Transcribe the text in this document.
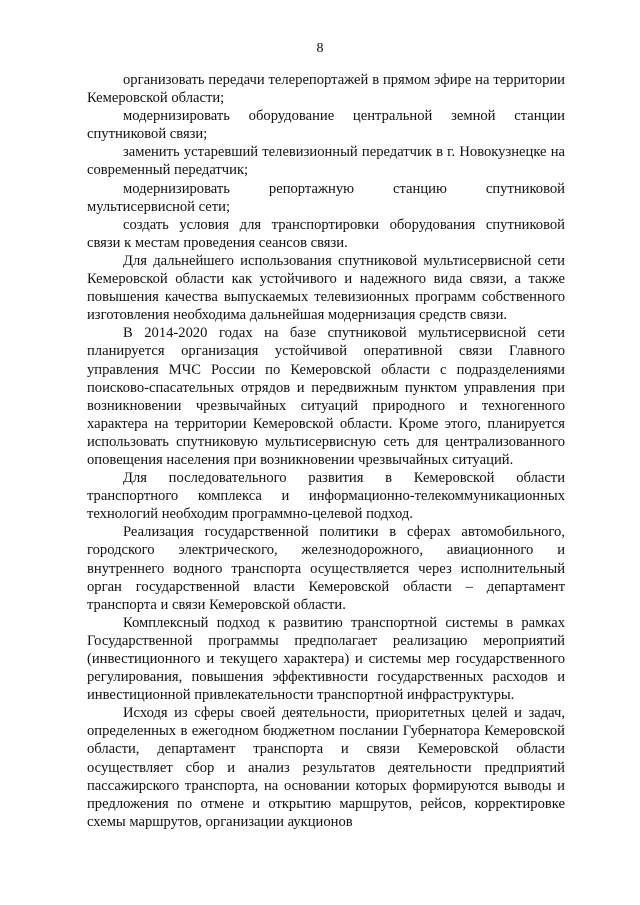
8

организовать передачи телерепортажей в прямом эфире на территории Кемеровской области;

модернизировать оборудование центральной земной станции спутниковой связи;

заменить устаревший телевизионный передатчик в г. Новокузнецке на современный передатчик;

модернизировать репортажную станцию спутниковой мультисервисной сети;

создать условия для транспортировки оборудования спутниковой связи к местам проведения сеансов связи.

Для дальнейшего использования спутниковой мультисервисной сети Кемеровской области как устойчивого и надежного вида связи, а также повышения качества выпускаемых телевизионных программ собственного изготовления необходима дальнейшая модернизация средств связи.

В 2014-2020 годах на базе спутниковой мультисервисной сети планируется организация устойчивой оперативной связи Главного управления МЧС России по Кемеровской области с подразделениями поисково-спасательных отрядов и передвижным пунктом управления при возникновении чрезвычайных ситуаций природного и техногенного характера на территории Кемеровской области. Кроме этого, планируется использовать спутниковую мультисервисную сеть для централизованного оповещения населения при возникновении чрезвычайных ситуаций.

Для последовательного развития в Кемеровской области транспортного комплекса и информационно-телекоммуникационных технологий необходим программно-целевой подход.

Реализация государственной политики в сферах автомобильного, городского электрического, железнодорожного, авиационного и внутреннего водного транспорта осуществляется через исполнительный орган государственной власти Кемеровской области – департамент транспорта и связи Кемеровской области.

Комплексный подход к развитию транспортной системы в рамках Государственной программы предполагает реализацию мероприятий (инвестиционного и текущего характера) и системы мер государственного регулирования, повышения эффективности государственных расходов и инвестиционной привлекательности транспортной инфраструктуры.

Исходя из сферы своей деятельности, приоритетных целей и задач, определенных в ежегодном бюджетном послании Губернатора Кемеровской области, департамент транспорта и связи Кемеровской области осуществляет сбор и анализ результатов деятельности предприятий пассажирского транспорта, на основании которых формируются выводы и предложения по отмене и открытию маршрутов, рейсов, корректировке схемы маршрутов, организации аукционов
